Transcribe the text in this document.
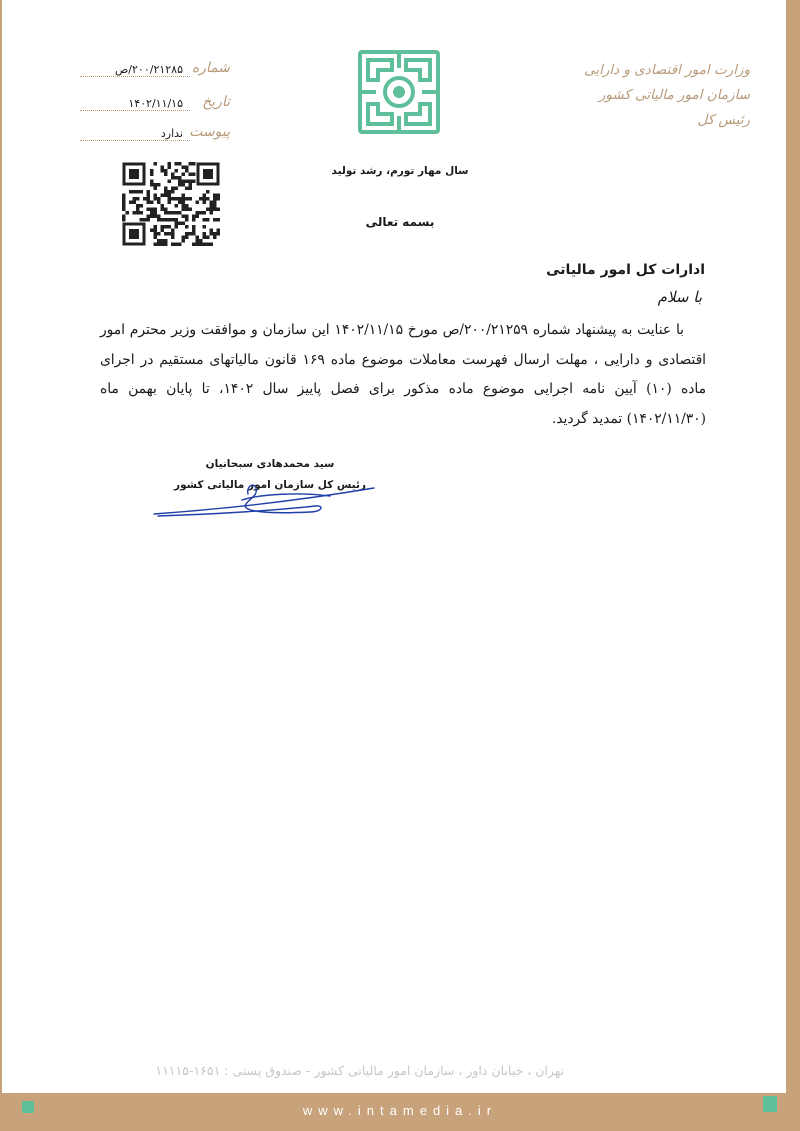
www.intamedia.ir
تهران ، خیابان داور ، سازمان امور مالیاتی کشور - صندوق پستی : ۱۶۵۱-۱۱۱۱۵
وزارت امور اقتصادی و دارایی
سازمان امور مالیاتی کشور
رئیس کل
سال مهار تورم، رشد تولید
بسمه تعالی
شماره
۲۰۰/۲۱۲۸۵/ص
تاریخ
۱۴۰۲/۱۱/۱۵
پیوست
ندارد
ادارات کل امور مالیاتی
با سلام
با عنایت به پیشنهاد شماره ۲۰۰/۲۱۲۵۹/ص مورخ ۱۴۰۲/۱۱/۱۵ این سازمان و موافقت وزیر محترم امور اقتصادی و دارایی ، مهلت ارسال فهرست معاملات موضوع ماده ۱۶۹ قانون مالیاتهای مستقیم در اجرای ماده (۱۰) آیین نامه اجرایی موضوع ماده مذکور برای فصل پاییز سال ۱۴۰۲، تا پایان بهمن ماه (۱۴۰۲/۱۱/۳۰) تمدید گردید.
سید محمدهادی سبحانیان
رئیس کل سازمان امور مالیاتی کشور
